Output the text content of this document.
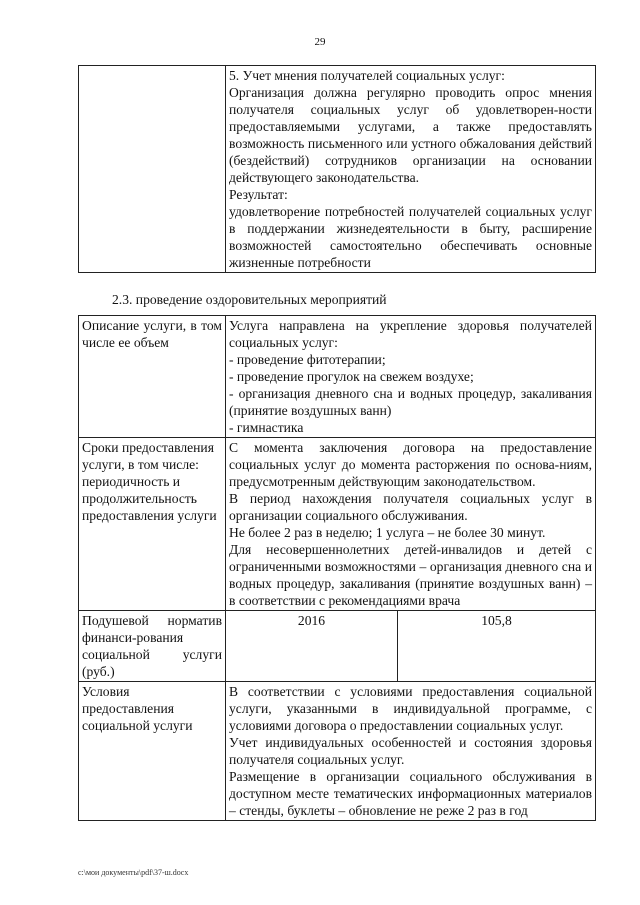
29

5. Учет мнения получателей социальных услуг:
Организация должна регулярно проводить опрос мнения получателя социальных услуг об удовлетворен-ности предоставляемыми услугами, а также предоставлять возможность письменного или устного обжалования действий (бездействий) сотрудников организации на основании действующего законодательства.
Результат:
удовлетворение потребностей получателей социальных услуг в поддержании жизнедеятельности в быту, расширение возможностей самостоятельно обеспечивать основные жизненные потребности
2.3. проведение оздоровительных мероприятий
Описание услуги, в том числе ее объем	Услуга направлена на укрепление здоровья получателей социальных услуг:
- проведение фитотерапии;
- проведение прогулок на свежем воздухе;
- организация дневного сна и водных процедур, закаливания (принятие воздушных ванн)
- гимнастика	

Сроки предоставления услуги, в том числе: периодичность и продолжительность предоставления услуги	С момента заключения договора на предоставление социальных услуг до момента расторжения по основа-ниям, предусмотренным действующим законодательством.
В период нахождения получателя социальных услуг в организации социального обслуживания.
Не более 2 раз в неделю; 1 услуга – не более 30 минут.
Для несовершеннолетних детей-инвалидов и детей с ограниченными возможностями – организация дневного сна и водных процедур, закаливания (принятие воздушных ванн) – в соответствии с рекомендациями врача	

Подушевой норматив финанси-рования социальной услуги (руб.)	2016	105,8
Условия предоставления социальной услуги	В соответствии с условиями предоставления социальной услуги, указанными в индивидуальной программе, с условиями договора о предоставлении социальных услуг.
Учет индивидуальных особенностей и состояния здоровья получателя социальных услуг.
Размещение в организации социального обслуживания в доступном месте тематических информационных материалов – стенды, буклеты – обновление не реже 2 раз в год	
c:\мои документы\pdf\37-ш.docx
